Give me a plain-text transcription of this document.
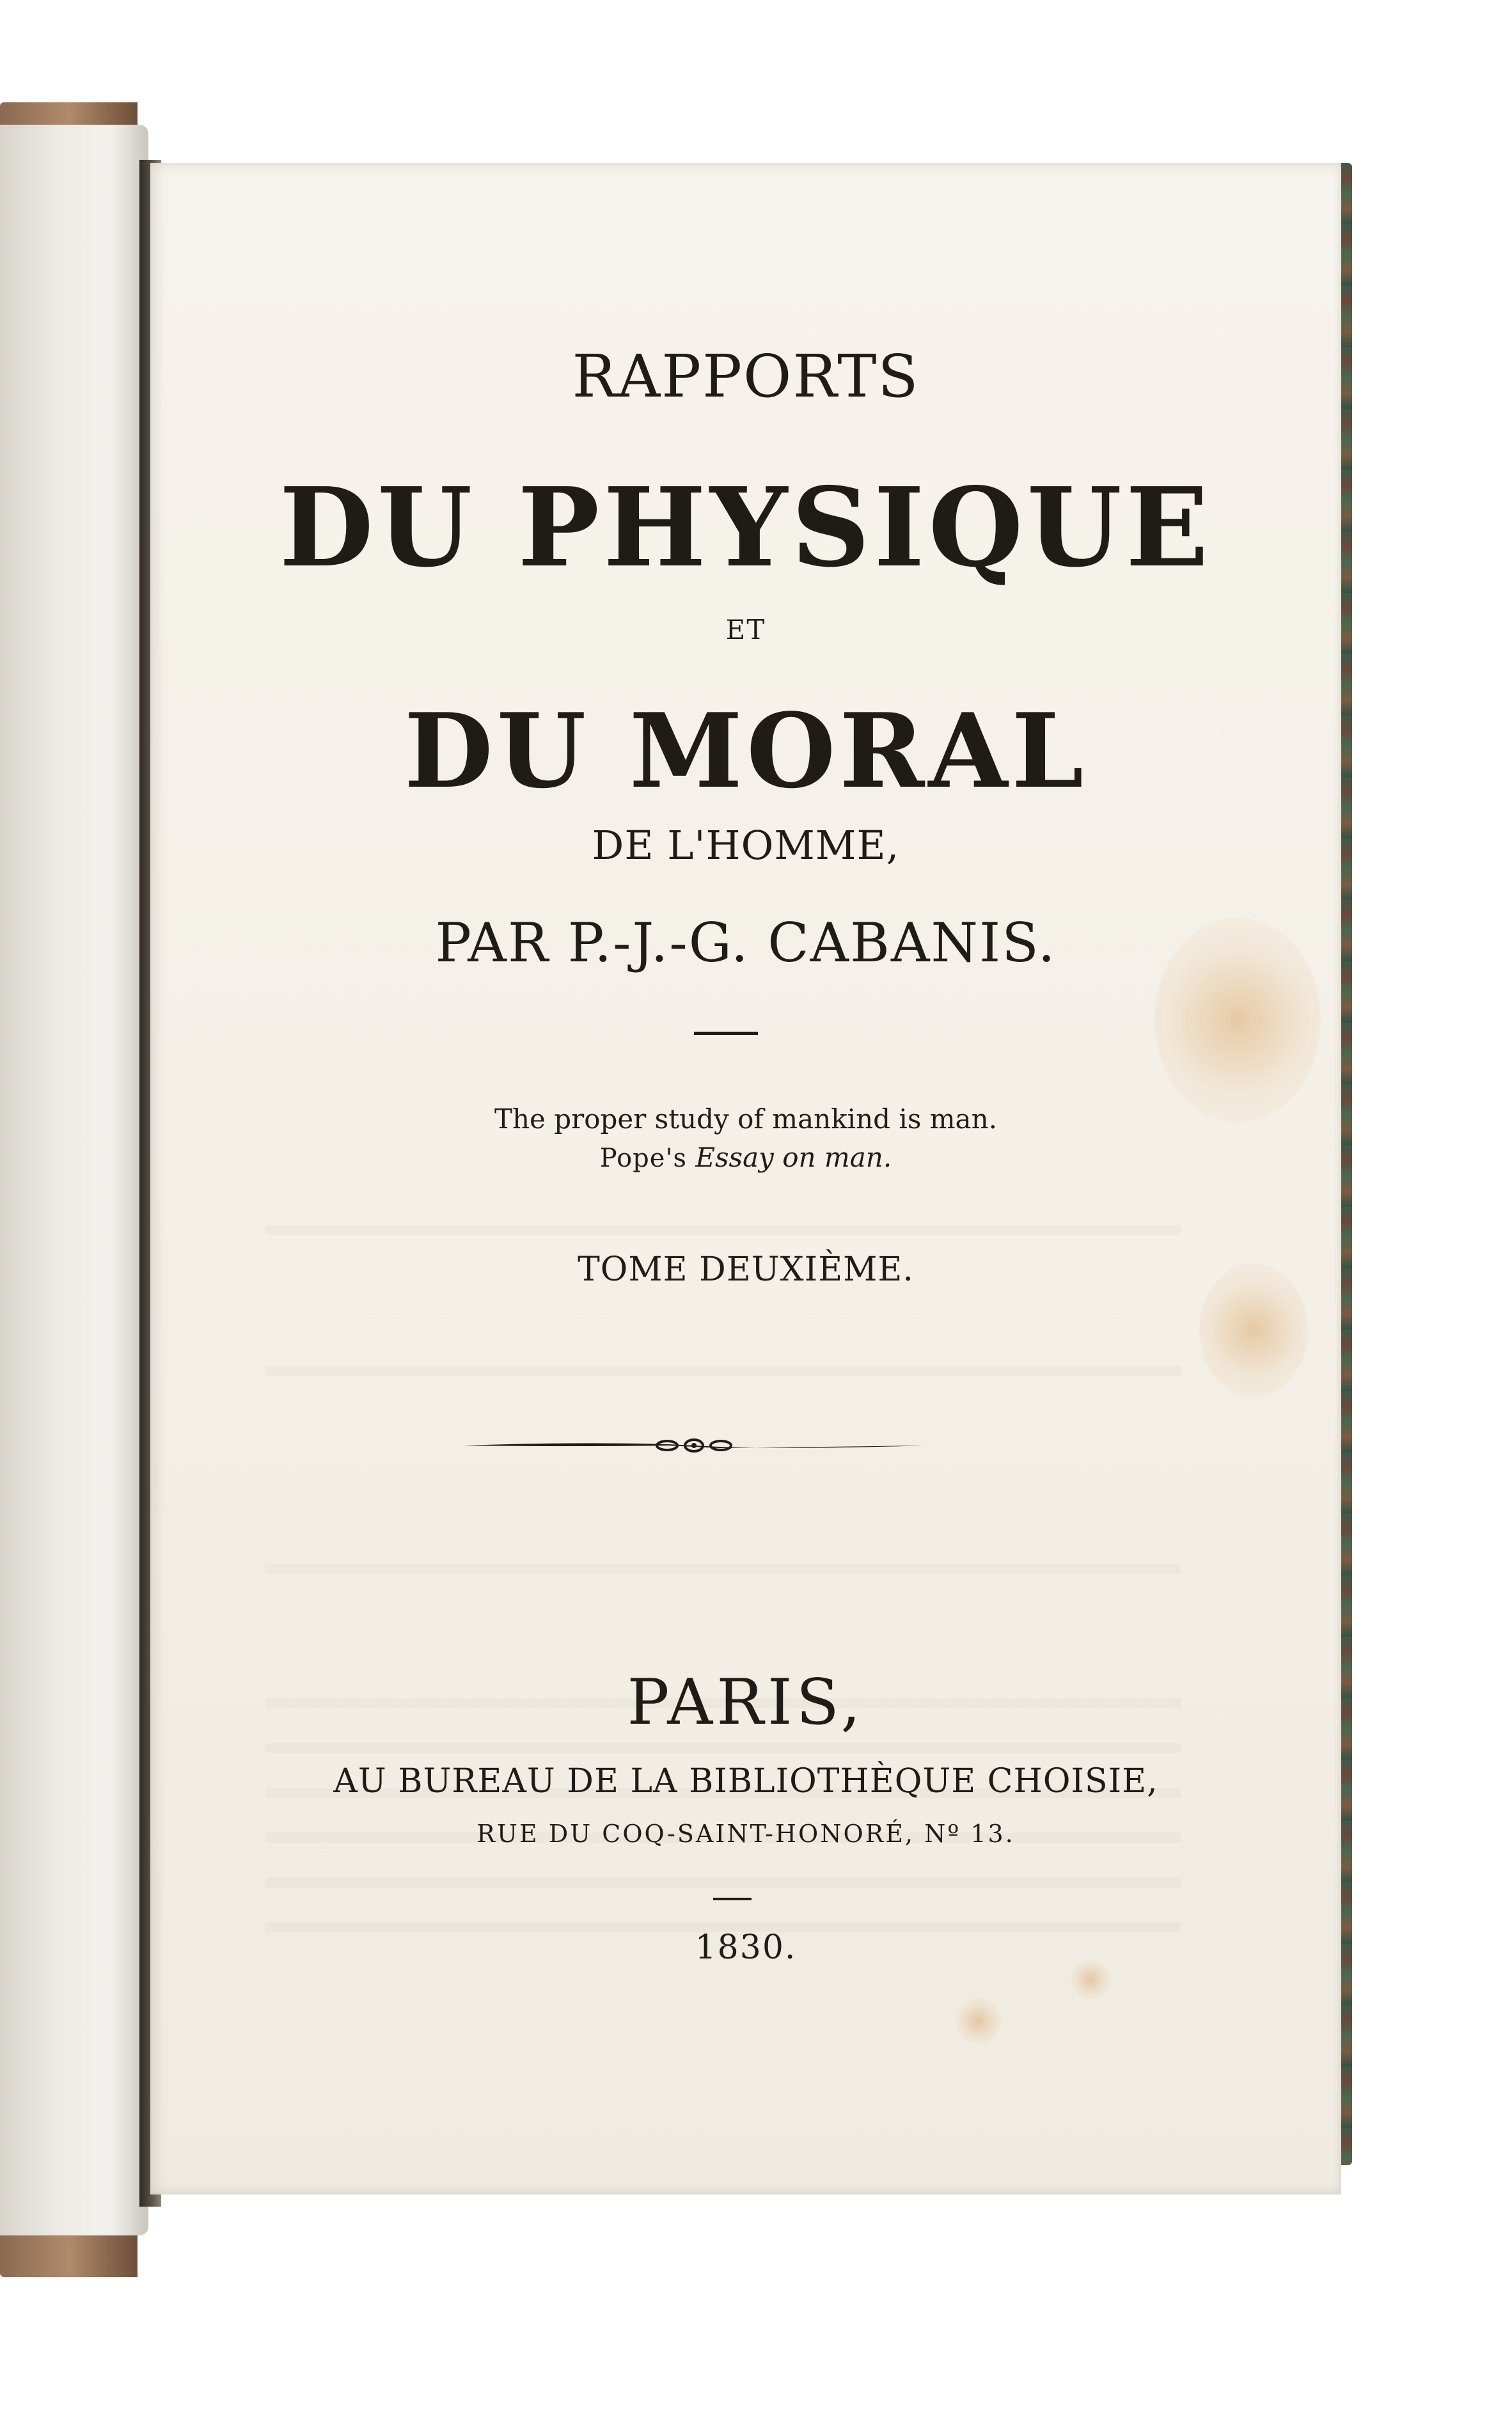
RAPPORTS
DU PHYSIQUE
ET
DU MORAL
DE L'HOMME,
PAR P.-J.-G. CABANIS.
The proper study of mankind is man.
Pope's Essay on man.
TOME DEUXIÈME.
PARIS,
AU BUREAU DE LA BIBLIOTHÈQUE CHOISIE,
RUE DU COQ-SAINT-HONORÉ, Nº 13.
1830.
